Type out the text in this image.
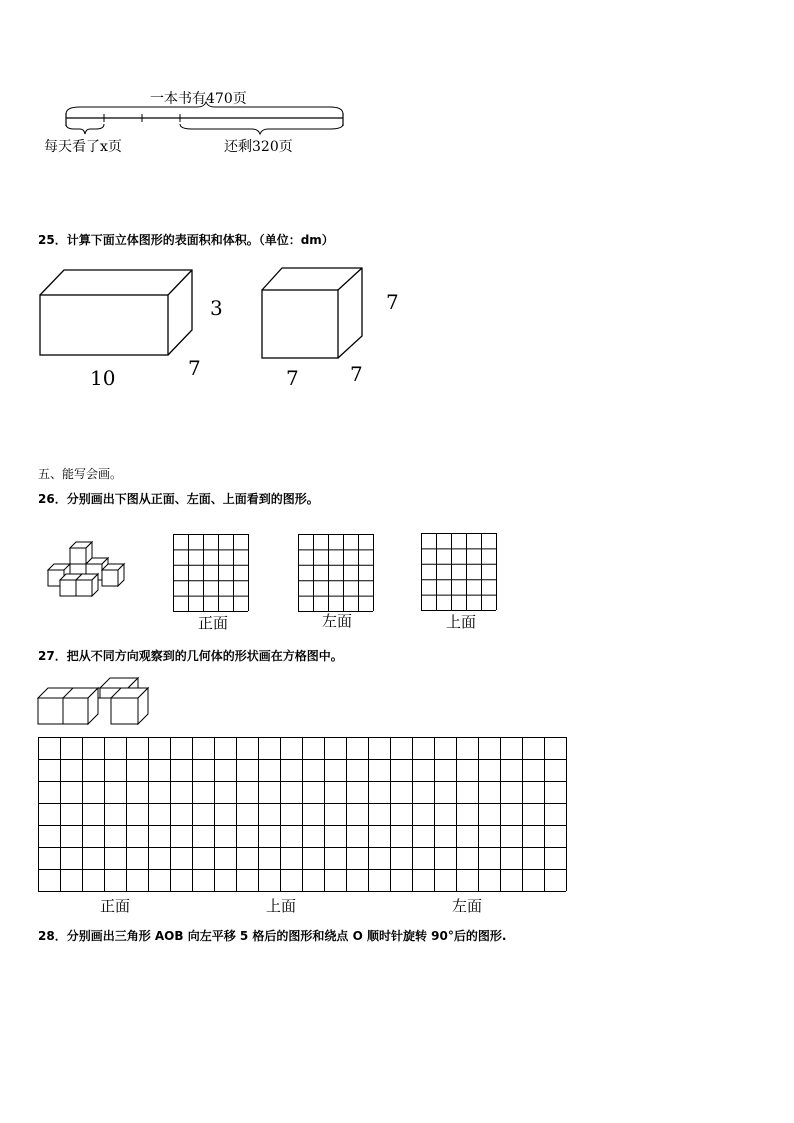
一本书有470页
每天看了x页	还剩320页
25．计算下面立体图形的表面积和体积。（单位：dm）
10	7
3	7
7	7
五、能写会画。
26．分别画出下图从正面、左面、上面看到的图形。
正面	左面	上面
27．把从不同方向观察到的几何体的形状画在方格图中。
正面	上面	左面
28．分别画出三角形 AOB 向左平移 5 格后的图形和绕点 O 顺时针旋转 90°后的图形.
